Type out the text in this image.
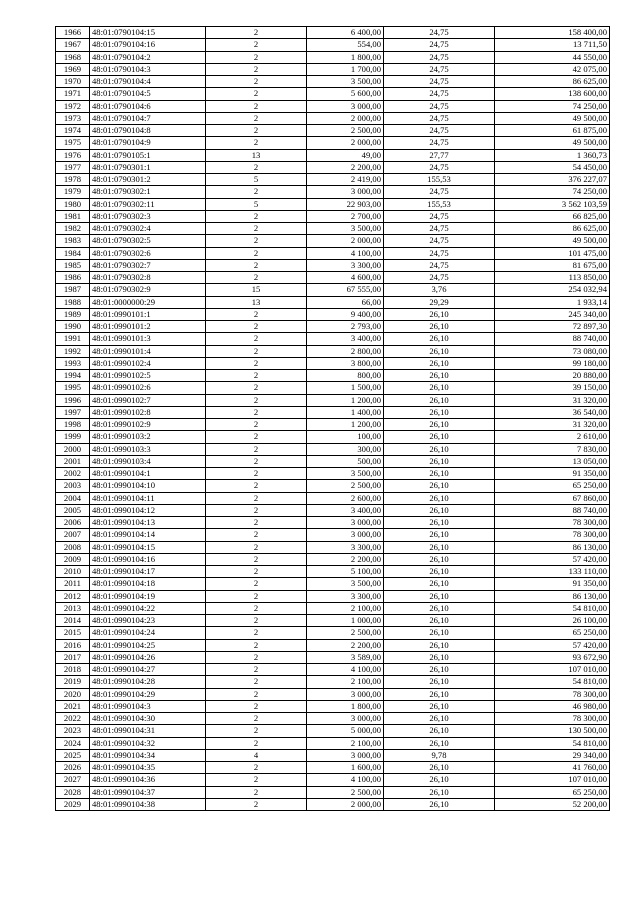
1966	48:01:0790104:15	2	6 400,00	24,75	158 400,00
1967	48:01:0790104:16	2	554,00	24,75	13 711,50
1968	48:01:0790104:2	2	1 800,00	24,75	44 550,00
1969	48:01:0790104:3	2	1 700,00	24,75	42 075,00
1970	48:01:0790104:4	2	3 500,00	24,75	86 625,00
1971	48:01:0790104:5	2	5 600,00	24,75	138 600,00
1972	48:01:0790104:6	2	3 000,00	24,75	74 250,00
1973	48:01:0790104:7	2	2 000,00	24,75	49 500,00
1974	48:01:0790104:8	2	2 500,00	24,75	61 875,00
1975	48:01:0790104:9	2	2 000,00	24,75	49 500,00
1976	48:01:0790105:1	13	49,00	27,77	1 360,73
1977	48:01:0790301:1	2	2 200,00	24,75	54 450,00
1978	48:01:0790301:2	5	2 419,00	155,53	376 227,07
1979	48:01:0790302:1	2	3 000,00	24,75	74 250,00
1980	48:01:0790302:11	5	22 903,00	155,53	3 562 103,59
1981	48:01:0790302:3	2	2 700,00	24,75	66 825,00
1982	48:01:0790302:4	2	3 500,00	24,75	86 625,00
1983	48:01:0790302:5	2	2 000,00	24,75	49 500,00
1984	48:01:0790302:6	2	4 100,00	24,75	101 475,00
1985	48:01:0790302:7	2	3 300,00	24,75	81 675,00
1986	48:01:0790302:8	2	4 600,00	24,75	113 850,00
1987	48:01:0790302:9	15	67 555,00	3,76	254 032,94
1988	48:01:0000000:29	13	66,00	29,29	1 933,14
1989	48:01:0990101:1	2	9 400,00	26,10	245 340,00
1990	48:01:0990101:2	2	2 793,00	26,10	72 897,30
1991	48:01:0990101:3	2	3 400,00	26,10	88 740,00
1992	48:01:0990101:4	2	2 800,00	26,10	73 080,00
1993	48:01:0990102:4	2	3 800,00	26,10	99 180,00
1994	48:01:0990102:5	2	800,00	26,10	20 880,00
1995	48:01:0990102:6	2	1 500,00	26,10	39 150,00
1996	48:01:0990102:7	2	1 200,00	26,10	31 320,00
1997	48:01:0990102:8	2	1 400,00	26,10	36 540,00
1998	48:01:0990102:9	2	1 200,00	26,10	31 320,00
1999	48:01:0990103:2	2	100,00	26,10	2 610,00
2000	48:01:0990103:3	2	300,00	26,10	7 830,00
2001	48:01:0990103:4	2	500,00	26,10	13 050,00
2002	48:01:0990104:1	2	3 500,00	26,10	91 350,00
2003	48:01:0990104:10	2	2 500,00	26,10	65 250,00
2004	48:01:0990104:11	2	2 600,00	26,10	67 860,00
2005	48:01:0990104:12	2	3 400,00	26,10	88 740,00
2006	48:01:0990104:13	2	3 000,00	26,10	78 300,00
2007	48:01:0990104:14	2	3 000,00	26,10	78 300,00
2008	48:01:0990104:15	2	3 300,00	26,10	86 130,00
2009	48:01:0990104:16	2	2 200,00	26,10	57 420,00
2010	48:01:0990104:17	2	5 100,00	26,10	133 110,00
2011	48:01:0990104:18	2	3 500,00	26,10	91 350,00
2012	48:01:0990104:19	2	3 300,00	26,10	86 130,00
2013	48:01:0990104:22	2	2 100,00	26,10	54 810,00
2014	48:01:0990104:23	2	1 000,00	26,10	26 100,00
2015	48:01:0990104:24	2	2 500,00	26,10	65 250,00
2016	48:01:0990104:25	2	2 200,00	26,10	57 420,00
2017	48:01:0990104:26	2	3 589,00	26,10	93 672,90
2018	48:01:0990104:27	2	4 100,00	26,10	107 010,00
2019	48:01:0990104:28	2	2 100,00	26,10	54 810,00
2020	48:01:0990104:29	2	3 000,00	26,10	78 300,00
2021	48:01:0990104:3	2	1 800,00	26,10	46 980,00
2022	48:01:0990104:30	2	3 000,00	26,10	78 300,00
2023	48:01:0990104:31	2	5 000,00	26,10	130 500,00
2024	48:01:0990104:32	2	2 100,00	26,10	54 810,00
2025	48:01:0990104:34	4	3 000,00	9,78	29 340,00
2026	48:01:0990104:35	2	1 600,00	26,10	41 760,00
2027	48:01:0990104:36	2	4 100,00	26,10	107 010,00
2028	48:01:0990104:37	2	2 500,00	26,10	65 250,00
2029	48:01:0990104:38	2	2 000,00	26,10	52 200,00
